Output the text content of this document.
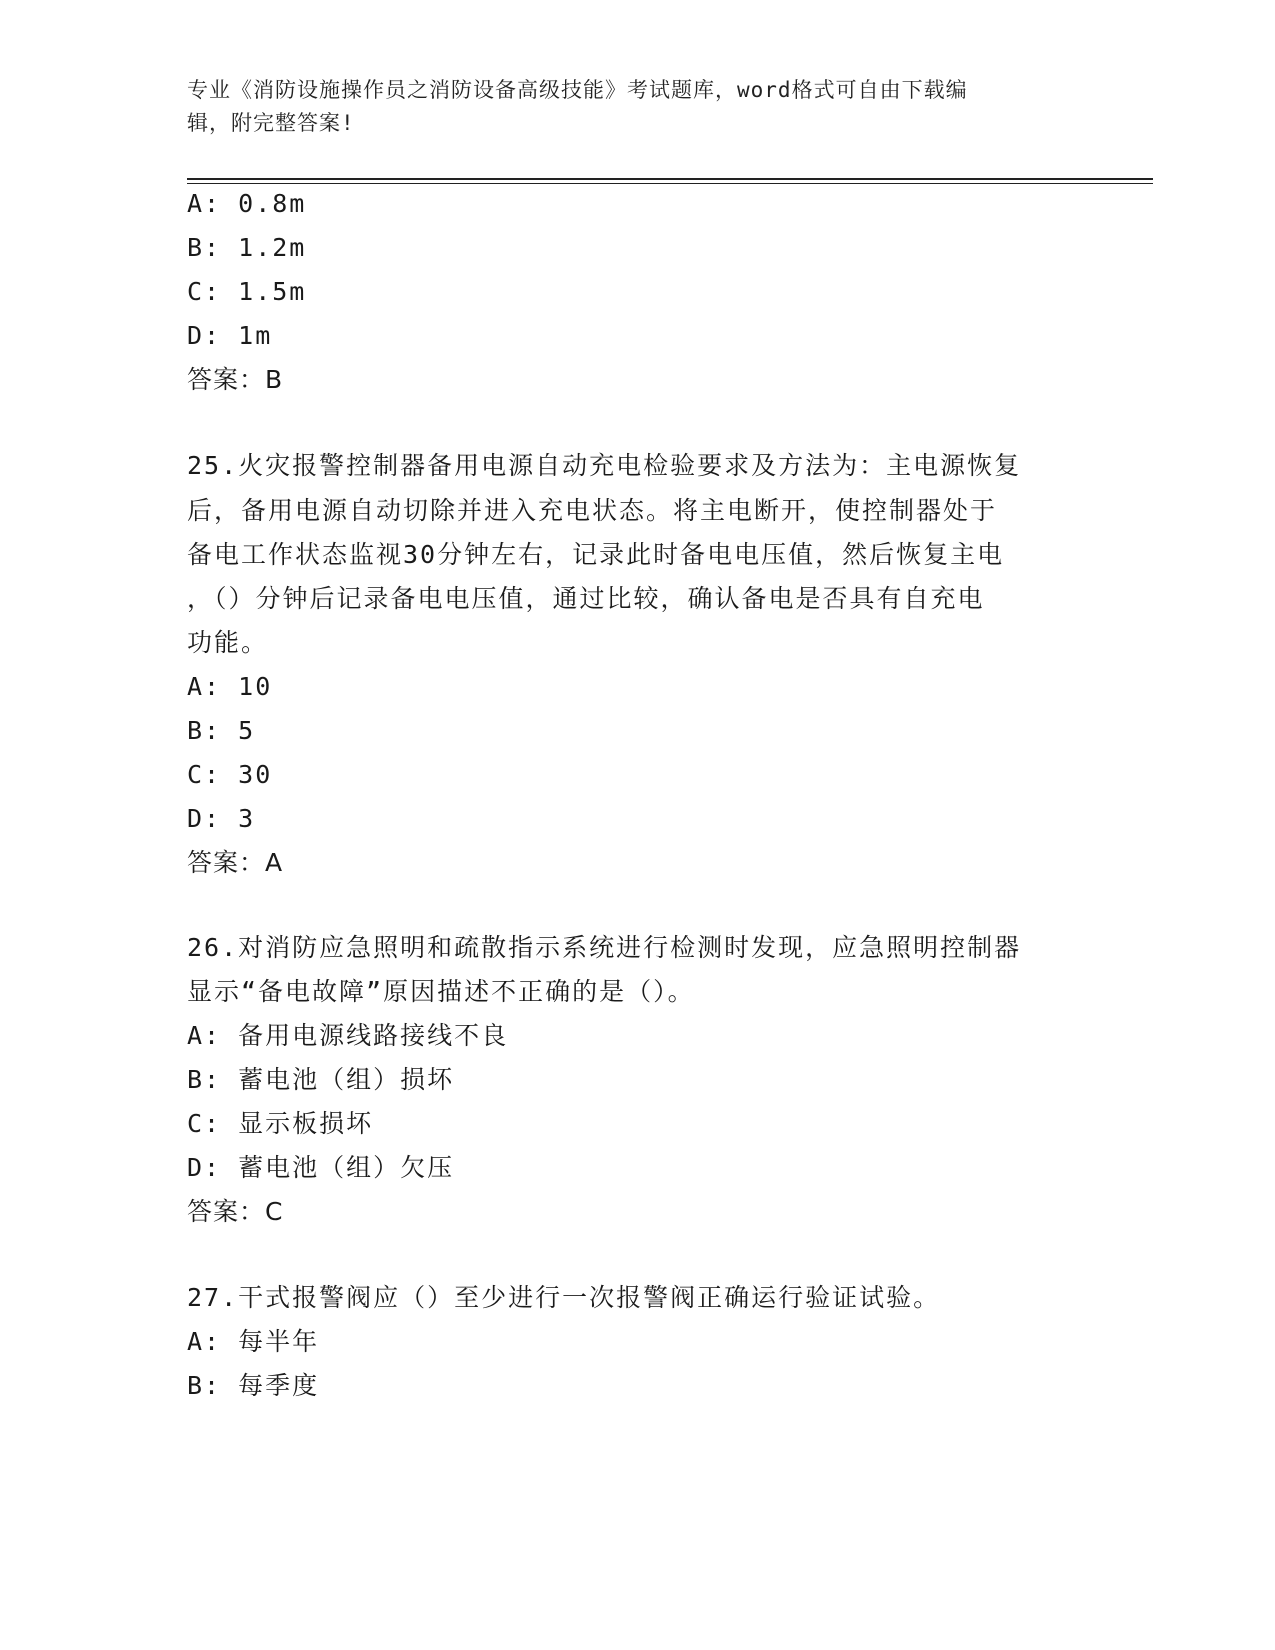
专业《消防设施操作员之消防设备高级技能》考试题库，word格式可自由下载编
辑，附完整答案!
A: 0.8m
B: 1.2m
C: 1.5m
D: 1m
答案：B
25.火灾报警控制器备用电源自动充电检验要求及方法为：主电源恢复
后，备用电源自动切除并进入充电状态。将主电断开，使控制器处于
备电工作状态监视30分钟左右，记录此时备电电压值，然后恢复主电
，（）分钟后记录备电电压值，通过比较，确认备电是否具有自充电
功能。
A: 10
B: 5
C: 30
D: 3
答案：A
26.对消防应急照明和疏散指示系统进行检测时发现，应急照明控制器
显示“备电故障”原因描述不正确的是（）。
A: 备用电源线路接线不良
B: 蓄电池（组）损坏
C: 显示板损坏
D: 蓄电池（组）欠压
答案：C
27.干式报警阀应（）至少进行一次报警阀正确运行验证试验。
A: 每半年
B: 每季度
